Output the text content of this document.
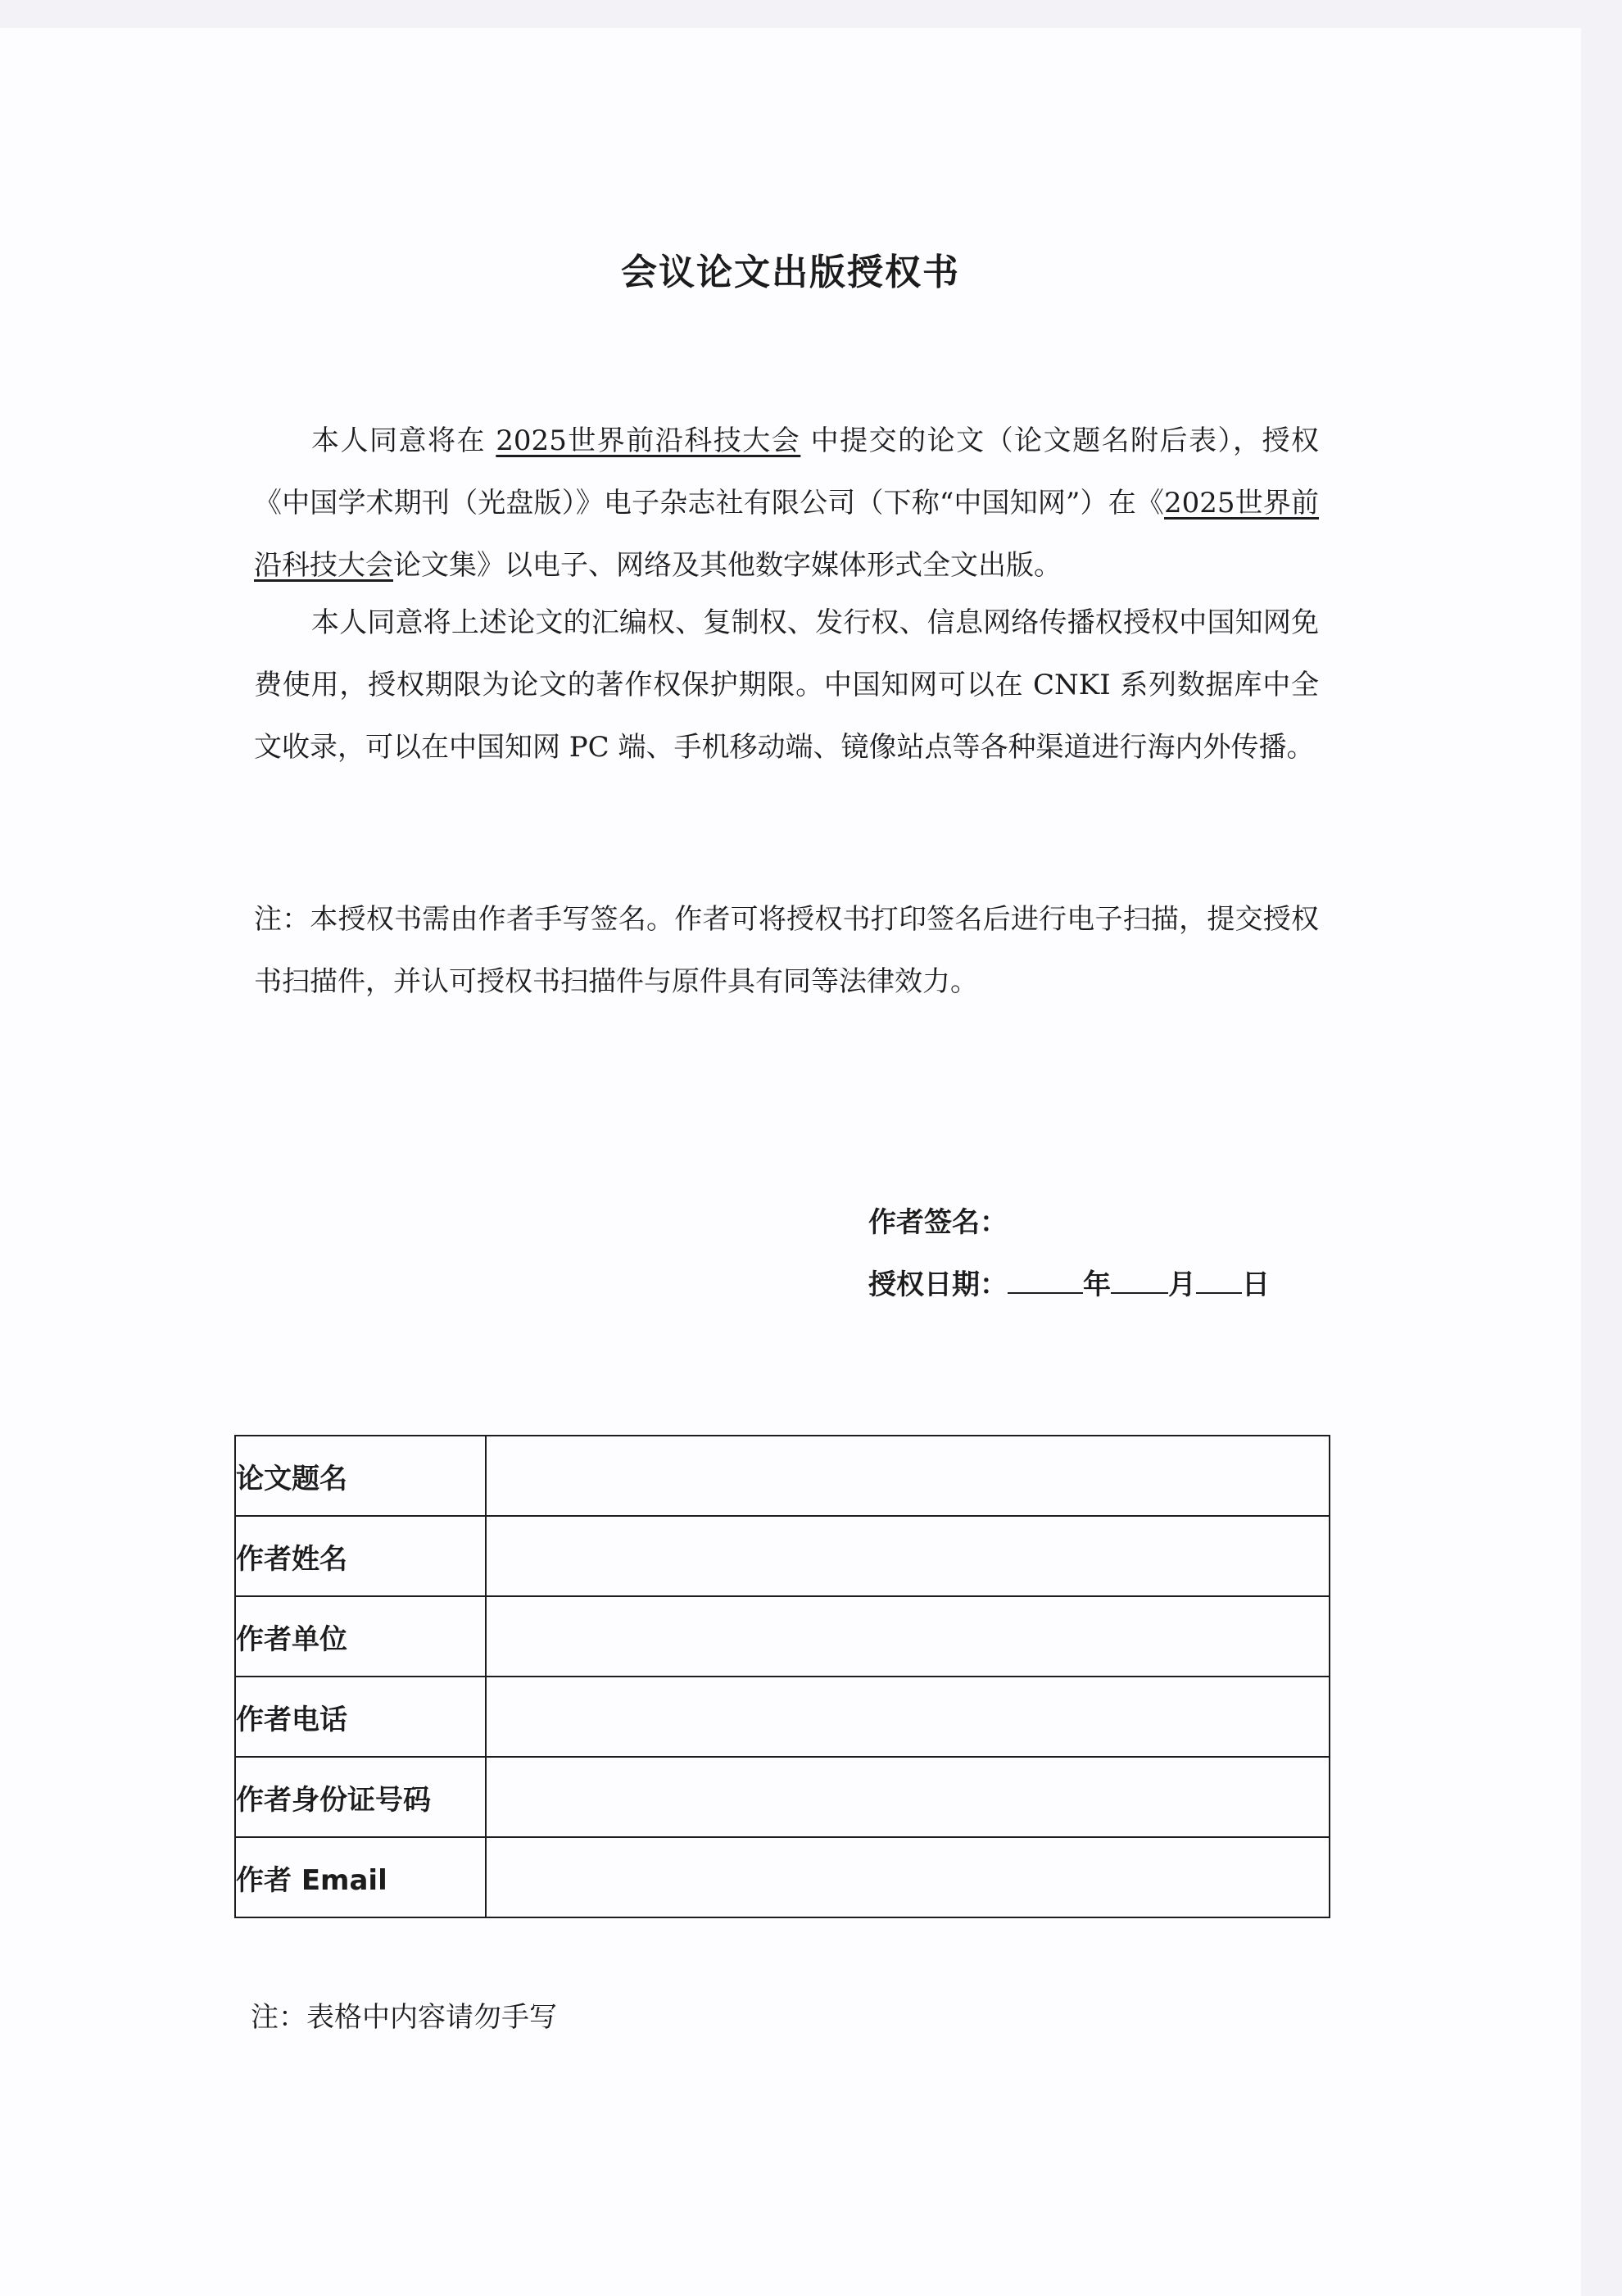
会议论文出版授权书
本人同意将在 2025世界前沿科技大会 中提交的论文（论文题名附后表），授权《中国学术期刊（光盘版）》电子杂志社有限公司（下称“中国知网”）在《2025世界前沿科技大会论文集》以电子、网络及其他数字媒体形式全文出版。
本人同意将上述论文的汇编权、复制权、发行权、信息网络传播权授权中国知网免费使用，授权期限为论文的著作权保护期限。中国知网可以在 CNKI 系列数据库中全文收录，可以在中国知网 PC 端、手机移动端、镜像站点等各种渠道进行海内外传播。
注：本授权书需由作者手写签名。作者可将授权书打印签名后进行电子扫描，提交授权书扫描件，并认可授权书扫描件与原件具有同等法律效力。
作者签名：
授权日期：	年 月 日
论文题名	
作者姓名	
作者单位	
作者电话	
作者身份证号码	
作者 Email	
注：表格中内容请勿手写
